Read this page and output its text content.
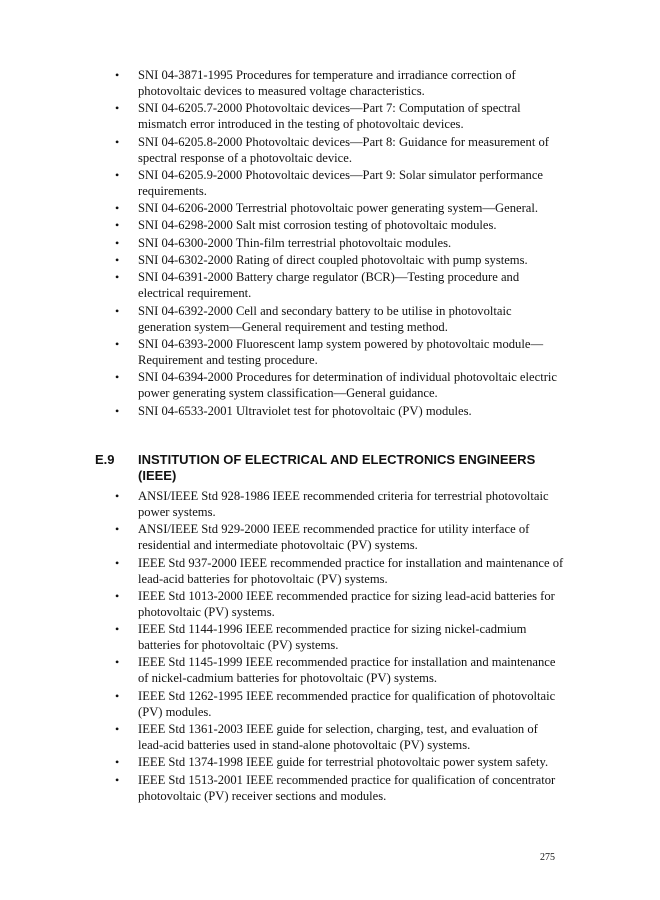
• SNI 04-3871-1995 Procedures for temperature and irradiance correction of photovoltaic devices to measured voltage characteristics.
• SNI 04-6205.7-2000 Photovoltaic devices—Part 7: Computation of spectral mismatch error introduced in the testing of photovoltaic devices.
• SNI 04-6205.8-2000 Photovoltaic devices—Part 8: Guidance for measurement of spectral response of a photovoltaic device.
• SNI 04-6205.9-2000 Photovoltaic devices—Part 9: Solar simulator performance requirements.
• SNI 04-6206-2000 Terrestrial photovoltaic power generating system—General.
• SNI 04-6298-2000 Salt mist corrosion testing of photovoltaic modules.
• SNI 04-6300-2000 Thin-film terrestrial photovoltaic modules.
• SNI 04-6302-2000 Rating of direct coupled photovoltaic with pump systems.
• SNI 04-6391-2000 Battery charge regulator (BCR)—Testing procedure and electrical requirement.
• SNI 04-6392-2000 Cell and secondary battery to be utilise in photovoltaic generation system—General requirement and testing method.
• SNI 04-6393-2000 Fluorescent lamp system powered by photovoltaic module—Requirement and testing procedure.
• SNI 04-6394-2000 Procedures for determination of individual photovoltaic electric power generating system classification—General guidance.
• SNI 04-6533-2001 Ultraviolet test for photovoltaic (PV) modules.
E.9 INSTITUTION OF ELECTRICAL AND ELECTRONICS ENGINEERS (IEEE)
• ANSI/IEEE Std 928-1986 IEEE recommended criteria for terrestrial photovoltaic power systems.
• ANSI/IEEE Std 929-2000 IEEE recommended practice for utility interface of residential and intermediate photovoltaic (PV) systems.
• IEEE Std 937-2000 IEEE recommended practice for installation and maintenance of lead-acid batteries for photovoltaic (PV) systems.
• IEEE Std 1013-2000 IEEE recommended practice for sizing lead-acid batteries for photovoltaic (PV) systems.
• IEEE Std 1144-1996 IEEE recommended practice for sizing nickel-cadmium batteries for photovoltaic (PV) systems.
• IEEE Std 1145-1999 IEEE recommended practice for installation and maintenance of nickel-cadmium batteries for photovoltaic (PV) systems.
• IEEE Std 1262-1995 IEEE recommended practice for qualification of photovoltaic (PV) modules.
• IEEE Std 1361-2003 IEEE guide for selection, charging, test, and evaluation of lead-acid batteries used in stand-alone photovoltaic (PV) systems.
• IEEE Std 1374-1998 IEEE guide for terrestrial photovoltaic power system safety.
• IEEE Std 1513-2001 IEEE recommended practice for qualification of concentrator photovoltaic (PV) receiver sections and modules.
275
